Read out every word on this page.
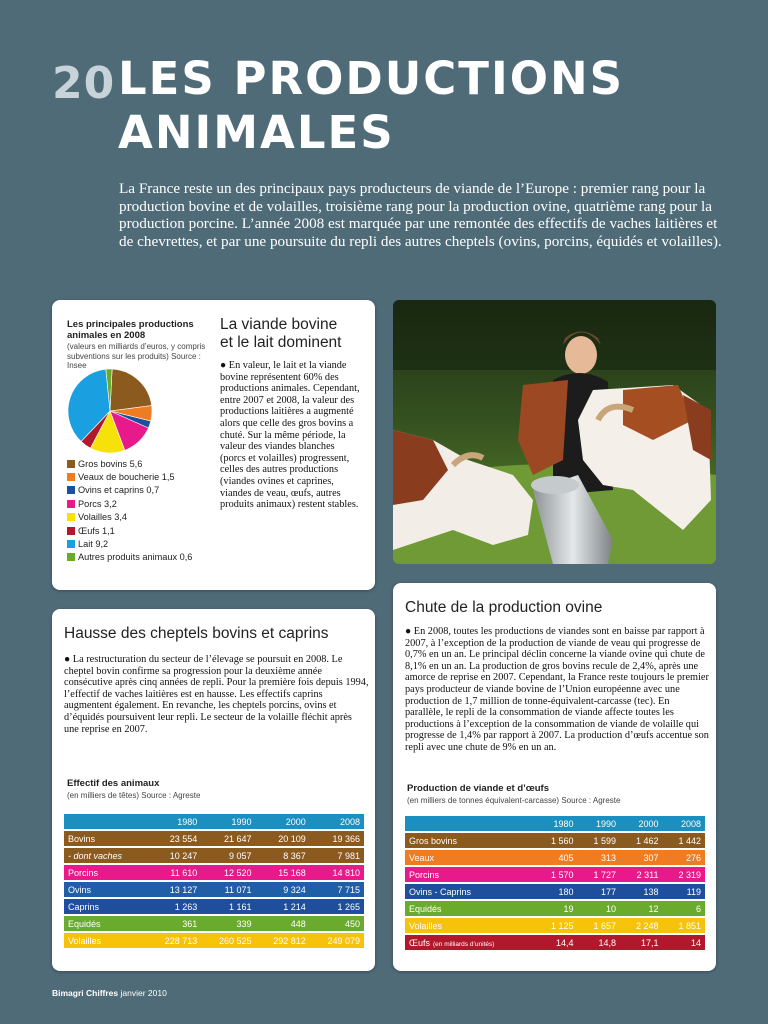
20 LES PRODUCTIONS
ANIMALES
La France reste un des principaux pays producteurs de viande de l’Europe : premier rang pour la production bovine et de volailles, troisième rang pour la production ovine, quatrième rang pour la production porcine. L’année 2008 est marquée par une remontée des effectifs de vaches laitières et de chevrettes, et par une poursuite du repli des autres cheptels (ovins, porcins, équidés et volailles).
Les principales productions animales en 2008
(valeurs en milliards d’euros, y compris subventions sur les produits) Source : Insee
Gros bovins 5,6
Veaux de boucherie 1,5
Ovins et caprins 0,7
Porcs 3,2
Volailles 3,4
Œufs 1,1
Lait 9,2
Autres produits animaux 0,6
La viande bovine
et le lait dominent
● En valeur, le lait et la viande bovine représentent 60% des productions animales. Cependant, entre 2007 et 2008, la valeur des productions laitières a augmenté alors que celle des gros bovins a chuté. Sur la même période, la valeur des viandes blanches (porcs et volailles) progressent, celles des autres productions (viandes ovines et caprines, viandes de veau, œufs, autres produits animaux) restent stables.
Hausse des cheptels bovins et caprins
● La restructuration du secteur de l’élevage se poursuit en 2008. Le cheptel bovin confirme sa progression pour la deuxième année consécutive après cinq années de repli. Pour la première fois depuis 1994, l’effectif de vaches laitières est en hausse. Les effectifs caprins augmentent également. En revanche, les cheptels porcins, ovins et d’équidés poursuivent leur repli. Le secteur de la volaille fléchit après une reprise en 2007.
Effectif des animaux
(en milliers de têtes) Source : Agreste
	1980	1990	2000	2008
Bovins	23 554	21 647	20 109	19 366
- dont vaches	10 247	9 057	8 367	7 981
Porcins	11 610	12 520	15 168	14 810
Ovins	13 127	11 071	9 324	7 715
Caprins	1 263	1 161	1 214	1 265
Equidés	361	339	448	450
Volailles	228 713	260 525	292 812	249 079
Chute de la production ovine
● En 2008, toutes les productions de viandes sont en baisse par rapport à 2007, à l’exception de la production de viande de veau qui progresse de 0,7% en un an. Le principal déclin concerne la viande ovine qui chute de 8,1% en un an. La production de gros bovins recule de 2,4%, après une amorce de reprise en 2007. Cependant, la France reste toujours le premier pays producteur de viande bovine de l’Union européenne avec une production de 1,7 million de tonne-équivalent-carcasse (tec). En parallèle, le repli de la consommation de viande affecte toutes les productions à l’exception de la consommation de viande de volaille qui progresse de 1,4% par rapport à 2007. La production d’œufs accentue son repli avec une chute de 9% en un an.
Production de viande et d’œufs
(en milliers de tonnes équivalent-carcasse) Source : Agreste
	1980	1990	2000	2008
Gros bovins	1 560	1 599	1 462	1 442
Veaux	405	313	307	276
Porcins	1 570	1 727	2 311	2 319
Ovins - Caprins	180	177	138	119
Equidés	19	10	12	6
Volailles	1 125	1 657	2 248	1 851
Œufs (en milliards d’unités)	14,4	14,8	17,1	14
Bimagri Chiffres janvier 2010
